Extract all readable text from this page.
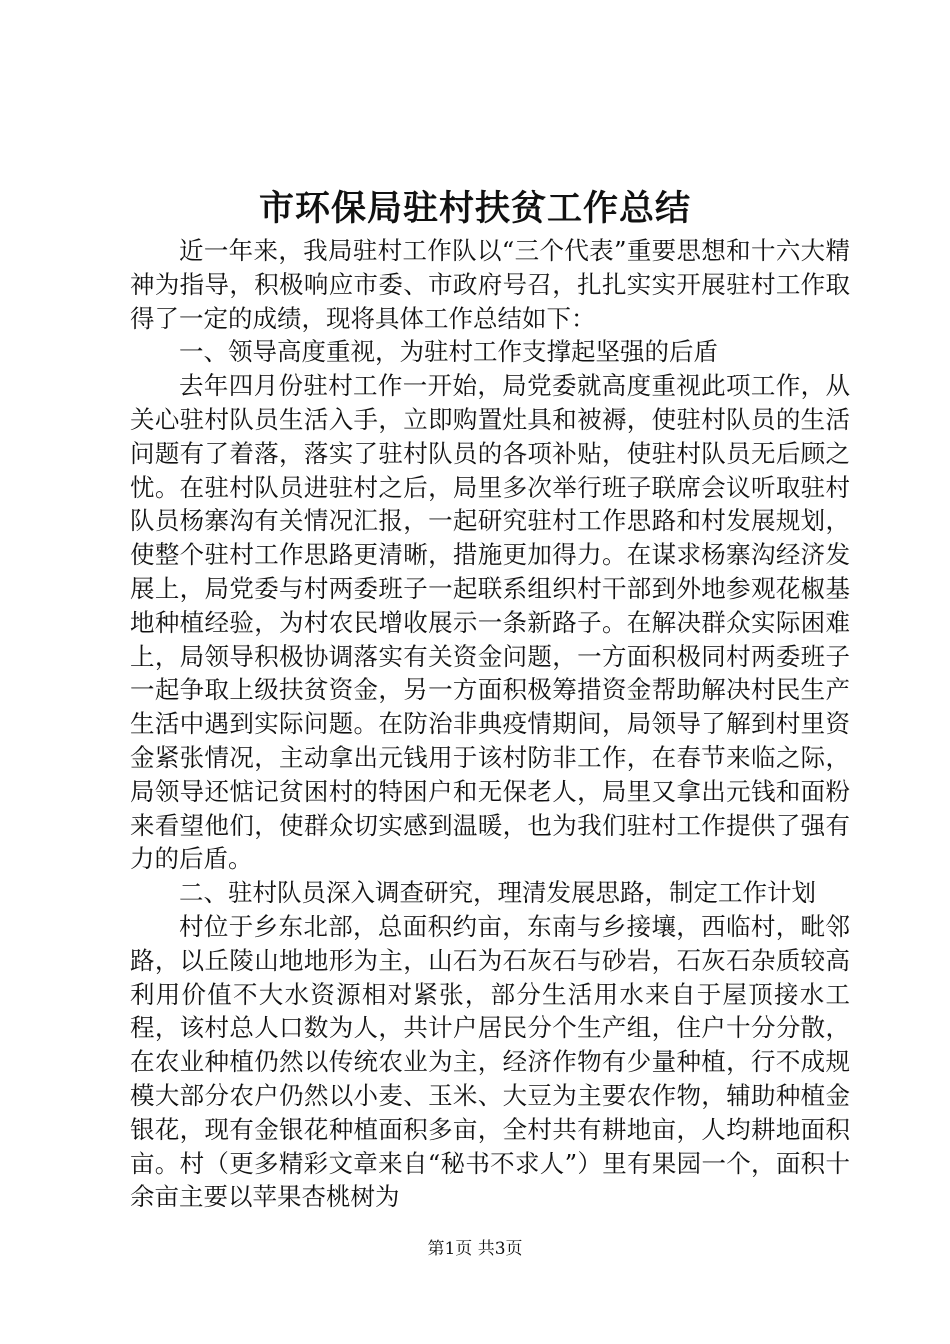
市环保局驻村扶贫工作总结

近一年来，我局驻村工作队以“三个代表”重要思想和十六大精神为指导，积极响应市委、市政府号召，扎扎实实开展驻村工作取得了一定的成绩，现将具体工作总结如下：

一、领导高度重视，为驻村工作支撑起坚强的后盾

去年四月份驻村工作一开始，局党委就高度重视此项工作，从关心驻村队员生活入手，立即购置灶具和被褥，使驻村队员的生活问题有了着落，落实了驻村队员的各项补贴，使驻村队员无后顾之忧。在驻村队员进驻村之后，局里多次举行班子联席会议听取驻村队员杨寨沟有关情况汇报，一起研究驻村工作思路和村发展规划，使整个驻村工作思路更清晰，措施更加得力。在谋求杨寨沟经济发展上，局党委与村两委班子一起联系组织村干部到外地参观花椒基地种植经验，为村农民增收展示一条新路子。在解决群众实际困难上，局领导积极协调落实有关资金问题，一方面积极同村两委班子一起争取上级扶贫资金，另一方面积极筹措资金帮助解决村民生产生活中遇到实际问题。在防治非典疫情期间，局领导了解到村里资金紧张情况，主动拿出元钱用于该村防非工作，在春节来临之际，局领导还惦记贫困村的特困户和无保老人，局里又拿出元钱和面粉来看望他们，使群众切实感到温暖，也为我们驻村工作提供了强有力的后盾。

二、驻村队员深入调查研究，理清发展思路，制定工作计划

村位于乡东北部，总面积约亩，东南与乡接壤，西临村，毗邻路，以丘陵山地地形为主，山石为石灰石与砂岩，石灰石杂质较高利用价值不大水资源相对紧张，部分生活用水来自于屋顶接水工程，该村总人口数为人，共计户居民分个生产组，住户十分分散，在农业种植仍然以传统农业为主，经济作物有少量种植，行不成规模大部分农户仍然以小麦、玉米、大豆为主要农作物，辅助种植金银花，现有金银花种植面积多亩，全村共有耕地亩，人均耕地面积亩。村（更多精彩文章来自“秘书不求人”）里有果园一个，面积十余亩主要以苹果杏桃树为

第1页 共3页
